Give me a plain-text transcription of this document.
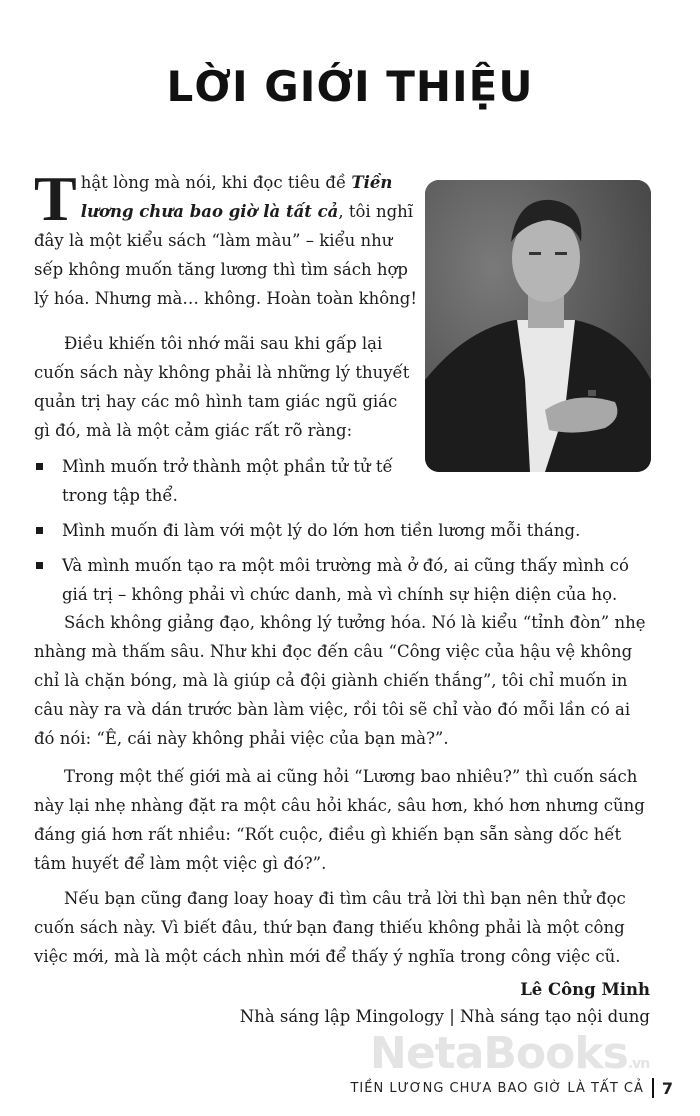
LỜI GIỚI THIỆU
Thật lòng mà nói, khi đọc tiêu đề Tiền lương chưa bao giờ là tất cả, tôi nghĩ đây là một kiểu sách “làm màu” – kiểu như sếp không muốn tăng lương thì tìm sách hợp lý hóa. Nhưng mà… không. Hoàn toàn không!
Điều khiến tôi nhớ mãi sau khi gấp lại cuốn sách này không phải là những lý thuyết quản trị hay các mô hình tam giác ngũ giác gì đó, mà là một cảm giác rất rõ ràng:
Mình muốn trở thành một phần tử tử tế trong tập thể.
Mình muốn đi làm với một lý do lớn hơn tiền lương mỗi tháng.
Và mình muốn tạo ra một môi trường mà ở đó, ai cũng thấy mình có giá trị – không phải vì chức danh, mà vì chính sự hiện diện của họ.
Sách không giảng đạo, không lý tưởng hóa. Nó là kiểu “tỉnh đòn” nhẹ nhàng mà thấm sâu. Như khi đọc đến câu “Công việc của hậu vệ không chỉ là chặn bóng, mà là giúp cả đội giành chiến thắng”, tôi chỉ muốn in câu này ra và dán trước bàn làm việc, rồi tôi sẽ chỉ vào đó mỗi lần có ai đó nói: “Ê, cái này không phải việc của bạn mà?”.
Trong một thế giới mà ai cũng hỏi “Lương bao nhiêu?” thì cuốn sách này lại nhẹ nhàng đặt ra một câu hỏi khác, sâu hơn, khó hơn nhưng cũng đáng giá hơn rất nhiều: “Rốt cuộc, điều gì khiến bạn sẵn sàng dốc hết tâm huyết để làm một việc gì đó?”.
Nếu bạn cũng đang loay hoay đi tìm câu trả lời thì bạn nên thử đọc cuốn sách này. Vì biết đâu, thứ bạn đang thiếu không phải là một công việc mới, mà là một cách nhìn mới để thấy ý nghĩa trong công việc cũ.
Lê Công Minh
Nhà sáng lập Mingology | Nhà sáng tạo nội dung
NetaBooks.vn
TIỀN LƯƠNG CHƯA BAO GIỜ LÀ TẤT CẢ 7
